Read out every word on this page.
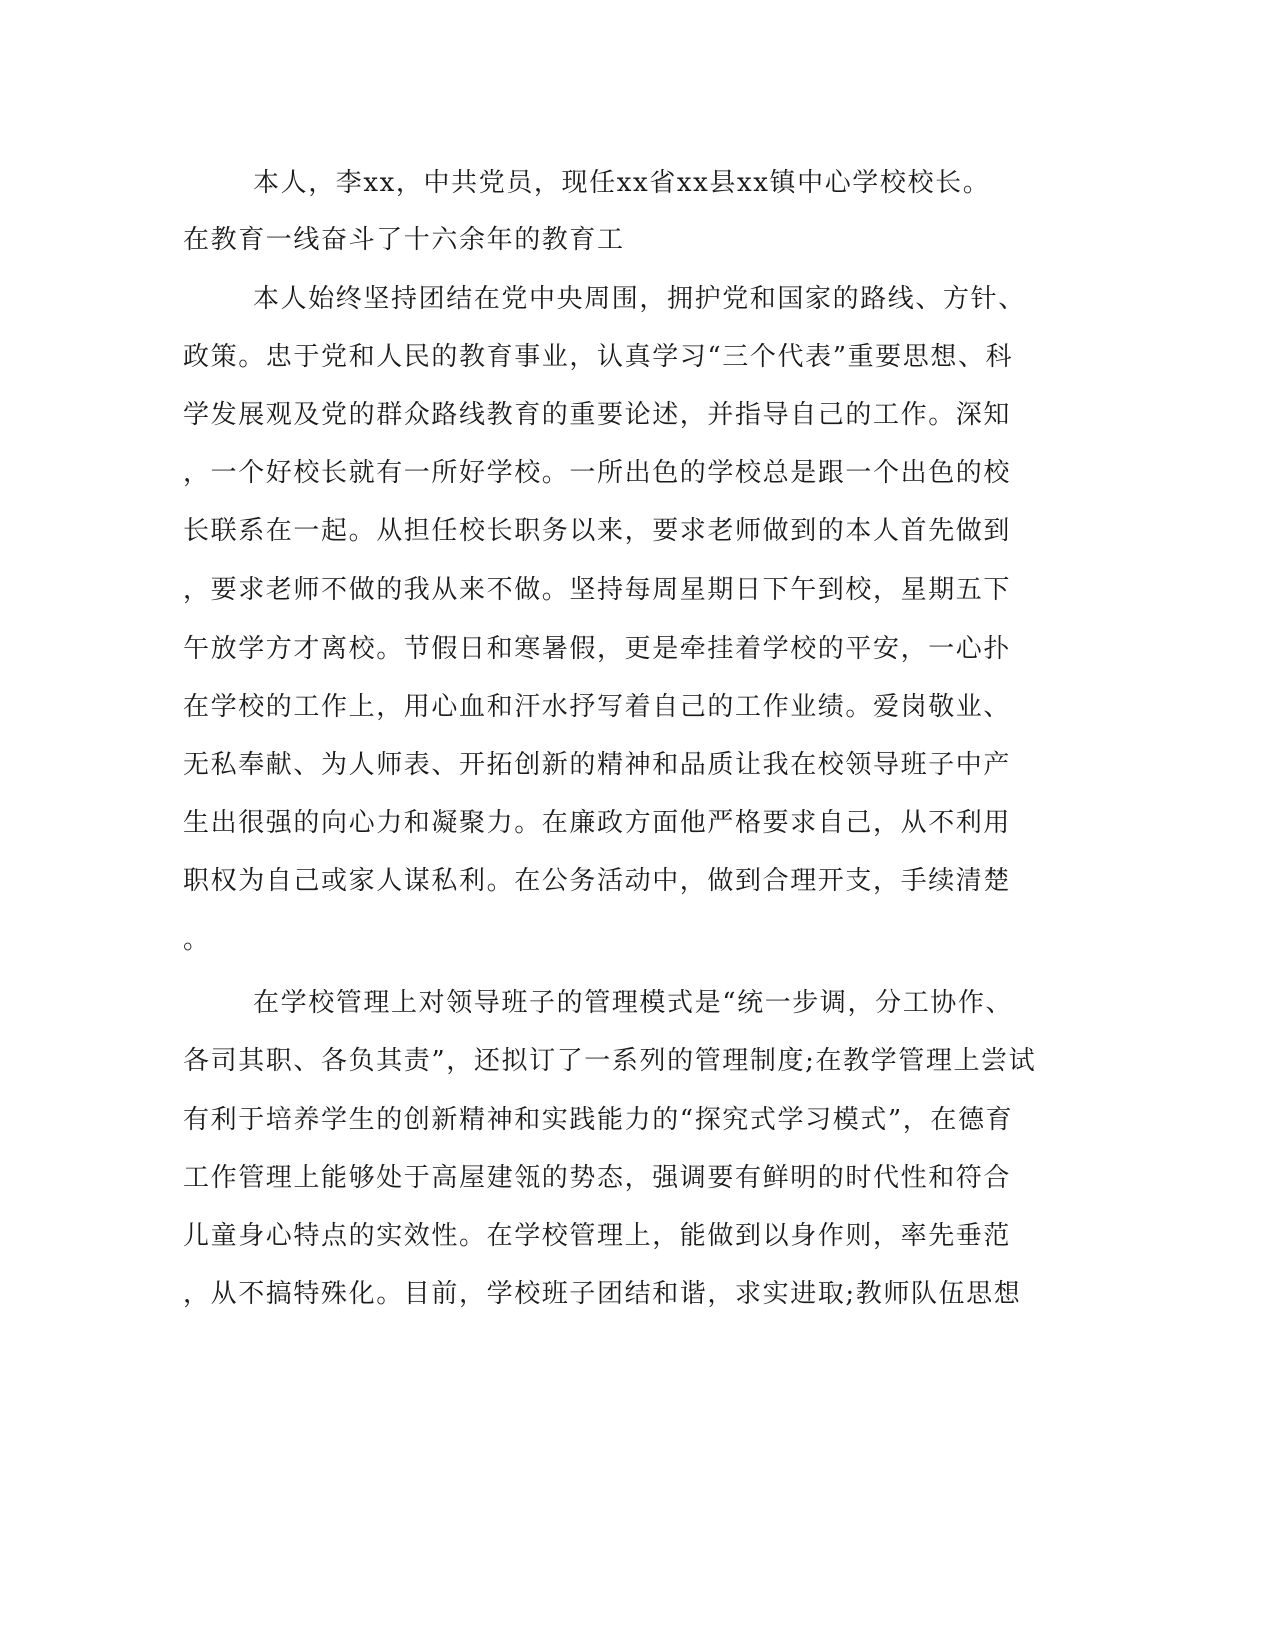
本人，李xx，中共党员，现任xx省xx县xx镇中心学校校长。
在教育一线奋斗了十六余年的教育工
本人始终坚持团结在党中央周围，拥护党和国家的路线、方针、
政策。忠于党和人民的教育事业，认真学习“三个代表”重要思想、科
学发展观及党的群众路线教育的重要论述，并指导自己的工作。深知
，一个好校长就有一所好学校。一所出色的学校总是跟一个出色的校
长联系在一起。从担任校长职务以来，要求老师做到的本人首先做到
，要求老师不做的我从来不做。坚持每周星期日下午到校，星期五下
午放学方才离校。节假日和寒暑假，更是牵挂着学校的平安，一心扑
在学校的工作上，用心血和汗水抒写着自己的工作业绩。爱岗敬业、
无私奉献、为人师表、开拓创新的精神和品质让我在校领导班子中产
生出很强的向心力和凝聚力。在廉政方面他严格要求自己，从不利用
职权为自己或家人谋私利。在公务活动中，做到合理开支，手续清楚
。
在学校管理上对领导班子的管理模式是“统一步调，分工协作、
各司其职、各负其责”，还拟订了一系列的管理制度;在教学管理上尝试
有利于培养学生的创新精神和实践能力的“探究式学习模式”，在德育
工作管理上能够处于高屋建瓴的势态，强调要有鲜明的时代性和符合
儿童身心特点的实效性。在学校管理上，能做到以身作则，率先垂范
，从不搞特殊化。目前，学校班子团结和谐，求实进取;教师队伍思想
